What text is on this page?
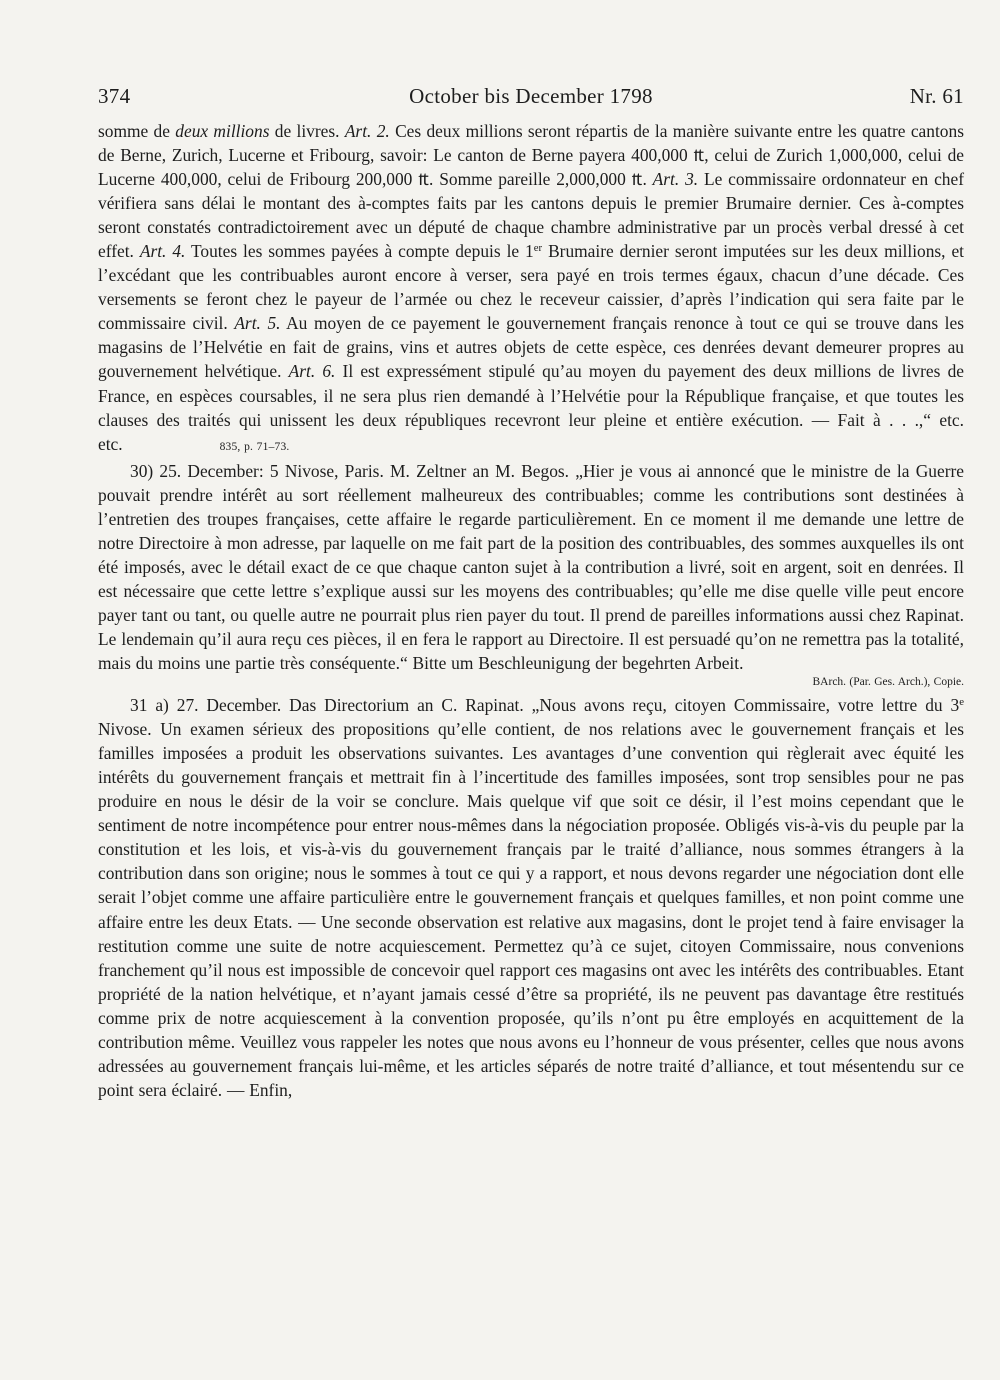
374	October bis December 1798	Nr. 61

somme de deux millions de livres. Art. 2. Ces deux millions seront répartis de la manière suivante entre les quatre cantons de Berne, Zurich, Lucerne et Fribourg, savoir: Le canton de Berne payera 400,000 ₶, celui de Zurich 1,000,000, celui de Lucerne 400,000, celui de Fribourg 200,000 ₶. Somme pareille 2,000,000 ₶. Art. 3. Le commissaire ordonnateur en chef vérifiera sans délai le montant des à-comptes faits par les cantons depuis le premier Brumaire dernier. Ces à-comptes seront constatés contradictoirement avec un député de chaque chambre administrative par un procès verbal dressé à cet effet. Art. 4. Toutes les sommes payées à compte depuis le 1er Brumaire dernier seront imputées sur les deux millions, et l’excédant que les contribuables auront encore à verser, sera payé en trois termes égaux, chacun d’une décade. Ces versements se feront chez le payeur de l’armée ou chez le receveur caissier, d’après l’indication qui sera faite par le commissaire civil. Art. 5. Au moyen de ce payement le gouvernement français renonce à tout ce qui se trouve dans les magasins de l’Helvétie en fait de grains, vins et autres objets de cette espèce, ces denrées devant demeurer propres au gouvernement helvétique. Art. 6. Il est expressément stipulé qu’au moyen du payement des deux millions de livres de France, en espèces coursables, il ne sera plus rien demandé à l’Helvétie pour la République française, et que toutes les clauses des traités qui unissent les deux républiques recevront leur pleine et entière exécution. — Fait à . . .,“ etc. etc.	835, p. 71–73.

30) 25. December: 5 Nivose, Paris. M. Zeltner an M. Begos. „Hier je vous ai annoncé que le ministre de la Guerre pouvait prendre intérêt au sort réellement malheureux des contribuables; comme les contributions sont destinées à l’entretien des troupes françaises, cette affaire le regarde particulièrement. En ce moment il me demande une lettre de notre Directoire à mon adresse, par laquelle on me fait part de la position des contribuables, des sommes auxquelles ils ont été imposés, avec le détail exact de ce que chaque canton sujet à la contribution a livré, soit en argent, soit en denrées. Il est nécessaire que cette lettre s’explique aussi sur les moyens des contribuables; qu’elle me dise quelle ville peut encore payer tant ou tant, ou quelle autre ne pourrait plus rien payer du tout. Il prend de pareilles informations aussi chez Rapinat. Le lendemain qu’il aura reçu ces pièces, il en fera le rapport au Directoire. Il est persuadé qu’on ne remettra pas la totalité, mais du moins une partie très conséquente.“ Bitte um Beschleunigung der begehrten Arbeit.

BArch. (Par. Ges. Arch.), Copie.

31 a) 27. December. Das Directorium an C. Rapinat. „Nous avons reçu, citoyen Commissaire, votre lettre du 3e Nivose. Un examen sérieux des propositions qu’elle contient, de nos relations avec le gouvernement français et les familles imposées a produit les observations suivantes. Les avantages d’une convention qui règlerait avec équité les intérêts du gouvernement français et mettrait fin à l’incertitude des familles imposées, sont trop sensibles pour ne pas produire en nous le désir de la voir se conclure. Mais quelque vif que soit ce désir, il l’est moins cependant que le sentiment de notre incompétence pour entrer nous-mêmes dans la négociation proposée. Obligés vis-à-vis du peuple par la constitution et les lois, et vis-à-vis du gouvernement français par le traité d’alliance, nous sommes étrangers à la contribution dans son origine; nous le sommes à tout ce qui y a rapport, et nous devons regarder une négociation dont elle serait l’objet comme une affaire particulière entre le gouvernement français et quelques familles, et non point comme une affaire entre les deux Etats. — Une seconde observation est relative aux magasins, dont le projet tend à faire envisager la restitution comme une suite de notre acquiescement. Permettez qu’à ce sujet, citoyen Commissaire, nous convenions franchement qu’il nous est impossible de concevoir quel rapport ces magasins ont avec les intérêts des contribuables. Etant propriété de la nation helvétique, et n’ayant jamais cessé d’être sa propriété, ils ne peuvent pas davantage être restitués comme prix de notre acquiescement à la convention proposée, qu’ils n’ont pu être employés en acquittement de la contribution même. Veuillez vous rappeler les notes que nous avons eu l’honneur de vous présenter, celles que nous avons adressées au gouvernement français lui-même, et les articles séparés de notre traité d’alliance, et tout mésentendu sur ce point sera éclairé. — Enfin,
